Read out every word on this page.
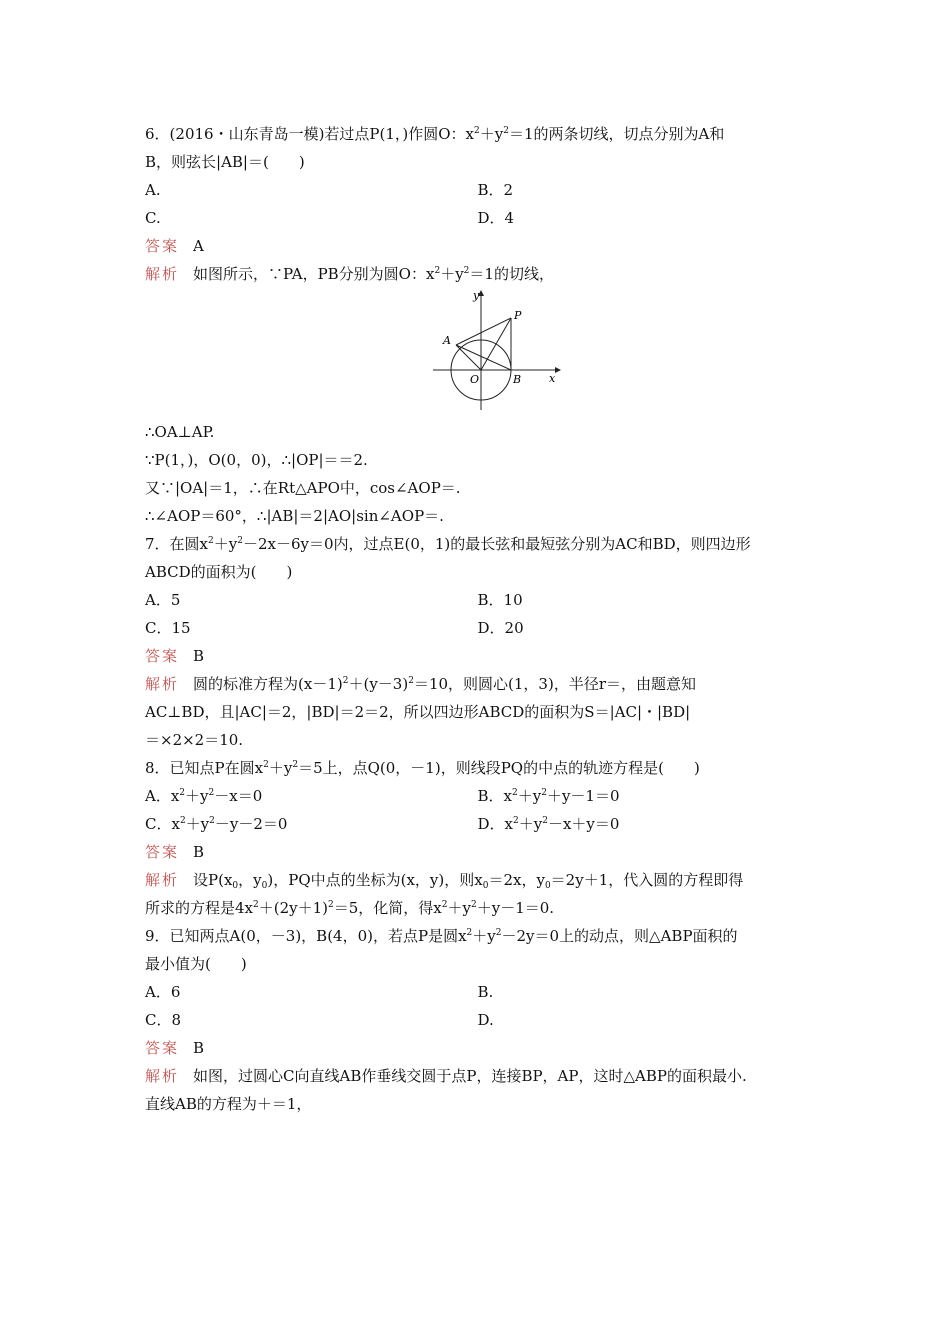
6．(2016・山东青岛一模)若过点P(1，)作圆O：$x^2+y^2=1$的两条切线，切点分别为A和
B，则弦长|AB|＝(　　)
A.	B．2
C.	D．4
答案 A
解析 如图所示，∵PA，PB分别为圆O：$x^2+y^2=1$的切线，
y
x
O
A
B
P
∴OA⊥AP.
∵P(1，)，O(0，0)，∴|OP|＝＝2.
又∵|OA|＝1，∴在Rt△APO中，cos∠AOP＝.
∴∠AOP＝60°，∴|AB|＝2|AO|sin∠AOP＝.
7．在圆$x^2+y^2-2x-6y=0$内，过点E(0，1)的最长弦和最短弦分别为AC和BD，则四边形
ABCD的面积为(　　)
A．5	B．10
C．15	D．20
答案 B
解析 圆的标准方程为$(x-1)^2+(y-3)^2=10$，则圆心(1，3)，半径r＝，由题意知
AC⊥BD，且|AC|＝2，|BD|＝2＝2，所以四边形ABCD的面积为S＝|AC|・|BD|
＝×2×2＝10.
8．已知点P在圆$x^2+y^2=5$上，点Q(0，－1)，则线段PQ的中点的轨迹方程是(　　)
A．$x^2+y^2-x=0$	B．$x^2+y^2+y-1=0$
C．$x^2+y^2-y-2=0$	D．$x^2+y^2-x+y=0$
答案 B
解析 设$P(x_0$，$y_0$)，PQ中点的坐标为(x，y)，则$x_0=2x$，$y_0=2y+1$，代入圆的方程即得
所求的方程是$4x^2+(2y+1)^2=5$，化简，得$x^2+y^2+y-1=0$.
9．已知两点A(0，－3)，B(4，0)，若点P是圆$x^2+y^2-2y=0$上的动点，则△ABP面积的
最小值为(　　)
A．6	B.
C．8	D.
答案 B
解析 如图，过圆心C向直线AB作垂线交圆于点P，连接BP，AP，这时△ABP的面积最小.
直线AB的方程为＋＝1，
